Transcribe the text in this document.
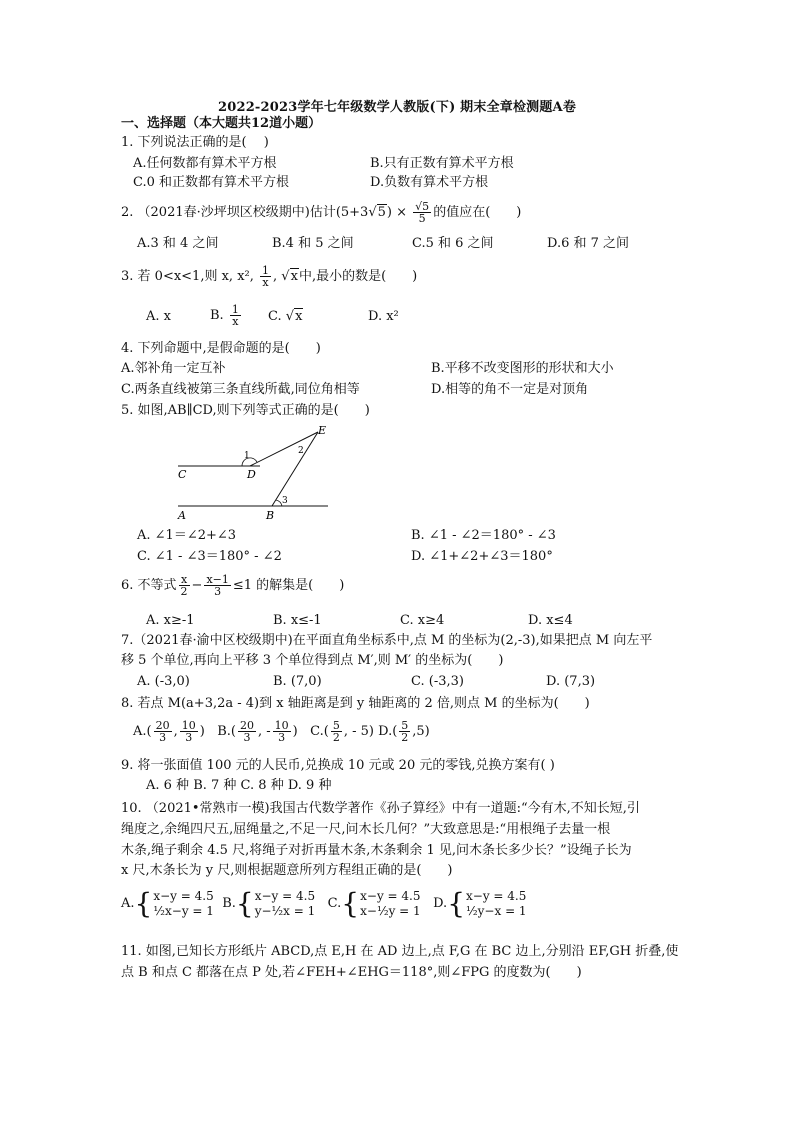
2022-2023学年七年级数学人教版(下) 期末全章检测题A卷
一、选择题（本大题共12道小题）
1. 下列说法正确的是(　 )
A.任何数都有算术平方根	B.只有正数有算术平方根
C.0 和正数都有算术平方根	D.负数有算术平方根
2. （2021春·沙坪坝区校级期中)估计$(5+3√5) \times \frac{√5}{5}$ 的值应在(　　)
A.3 和 4 之间	B.4 和 5 之间	C.5 和 6 之间	D.6 和 7 之间
3. 若 0<x<1,则 x, x², $\frac{1}{x}$ , √x中,最小的数是(　　)
A. x	B. $\frac{1}{x} C$. √x	D. x²
4. 下列命题中,是假命题的是(　　)
A.邻补角一定互补	B.平移不改变图形的形状和大小
C.两条直线被第三条直线所截,同位角相等	D.相等的角不一定是对顶角
5. 如图,AB∥CD,则下列等式正确的是(　　)
E
C	D
A	B
1	2
3
A. ∠1＝∠2+∠3	B. ∠1 - ∠2＝180° - ∠3
C. ∠1 - ∠3＝180° - ∠2	D. ∠1+∠2+∠3＝180°
6. 不等式 $\frac{x}{2} - \frac{x-1}{3} \le 1$ 的解集是(　　)
A. x≥-1	B. x≤-1	C. x≥4	D. x≤4
7.（2021春·渝中区校级期中)在平面直角坐标系中,点 M 的坐标为(2,-3),如果把点 M 向左平
移 5 个单位,再向上平移 3 个单位得到点 M′,则 M′ 的坐标为(　　)
A. (-3,0)	B. (7,0)	C. (-3,3)	D. (7,3)
8. 若点 M(a+3,2a - 4)到 x 轴距离是到 y 轴距离的 2 倍,则点 M 的坐标为(　　)
$A.( \frac{20}{3}$ , $\frac{10}{3}$ )   $B.( \frac{20}{3}$ , - $\frac{10}{3}$ )   $C.( \frac{5}{2}$ , - 5) $D.( \frac{5}{2} ,5)$
9. 将一张面值 100 元的人民币,兑换成 10 元或 20 元的零钱,兑换方案有( )
A. 6 种 B. 7 种 C. 8 种 D. 9 种
10. （2021•常熟市一模)我国古代数学著作《孙子算经》中有一道题:“今有木,不知长短,引
绳度之,余绳四尺五,屈绳量之,不足一尺,问木长几何？”大致意思是:“用根绳子去量一根
木条,绳子剩余 4.5 尺,将绳子对折再量木条,木条剩余 1 见,问木条长多少长？”设绳子长为
x 尺,木条长为 y 尺,则根据题意所列方程组正确的是(　　)
A.{x−y = 4.5
½x−y = 1 B.{x−y = 4.5
y−½x = 1 C.{x−y = 4.5
x−½y = 1 D.{x−y = 4.5
½y−x = 1
11. 如图,已知长方形纸片 ABCD,点 E,H 在 AD 边上,点 F,G 在 BC 边上,分别沿 EF,GH 折叠,使
点 B 和点 C 都落在点 P 处,若∠FEH+∠EHG＝118°,则∠FPG 的度数为(　　)
